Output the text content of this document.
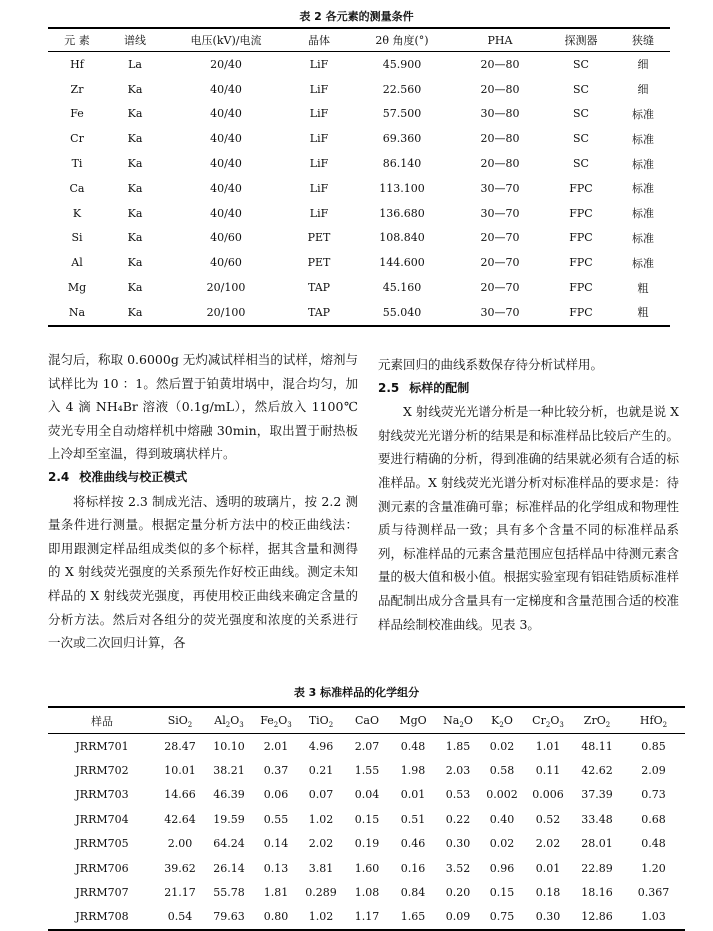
表 2 各元素的测量条件
元 素	谱线	电压(kV)/电流	晶体	2θ 角度(°)	PHA	探测器	狭缝
Hf	La	20/40	LiF	45.900	20—80	SC	细
Zr	Ka	40/40	LiF	22.560	20—80	SC	细
Fe	Ka	40/40	LiF	57.500	30—80	SC	标准
Cr	Ka	40/40	LiF	69.360	20—80	SC	标准
Ti	Ka	40/40	LiF	86.140	20—80	SC	标准
Ca	Ka	40/40	LiF	113.100	30—70	FPC	标准
K	Ka	40/40	LiF	136.680	30—70	FPC	标准
Si	Ka	40/60	PET	108.840	20—70	FPC	标准
Al	Ka	40/60	PET	144.600	20—70	FPC	标准
Mg	Ka	20/100	TAP	45.160	20—70	FPC	粗
Na	Ka	20/100	TAP	55.040	30—70	FPC	粗

混匀后，称取 0.6000g 无灼减试样相当的试样，熔剂与试样比为 10 ：1。然后置于铂黄坩埚中，混合均匀，加入 4 滴 NH₄Br 溶液（0.1g/mL），然后放入 1100℃荧光专用全自动熔样机中熔融 30min，取出置于耐热板上冷却至室温，得到玻璃状样片。

2.4 校准曲线与校正模式

将标样按 2.3 制成光洁、透明的玻璃片，按 2.2 测量条件进行测量。根据定量分析方法中的校正曲线法：即用跟测定样品组成类似的多个标样，据其含量和测得的 X 射线荧光强度的关系预先作好校正曲线。测定未知样品的 X 射线荧光强度，再使用校正曲线来确定含量的分析方法。然后对各组分的荧光强度和浓度的关系进行一次或二次回归计算，各

元素回归的曲线系数保存待分析试样用。

2.5 标样的配制

X 射线荧光光谱分析是一种比较分析，也就是说 X 射线荧光光谱分析的结果是和标准样品比较后产生的。要进行精确的分析，得到准确的结果就必须有合适的标准样品。X 射线荧光光谱分析对标准样品的要求是：待测元素的含量准确可靠；标准样品的化学组成和物理性质与待测样品一致；具有多个含量不同的标准样品系列，标准样品的元素含量范围应包括样品中待测元素含量的极大值和极小值。根据实验室现有铝硅锆质标准样品配制出成分含量具有一定梯度和含量范围合适的校准样品绘制校准曲线。见表 3。

表 3 标准样品的化学组分
样品	SiO$_2$	$Al_2O_3$	$Fe_2O_3$	TiO$_2$	CaO	MgO	$Na_2O$	$K_2O$	$Cr_2O_3$	ZrO$_2$	HfO$_2$
JRRM701	28.47	10.10	2.01	4.96	2.07	0.48	1.85	0.02	1.01	48.11	0.85
JRRM702	10.01	38.21	0.37	0.21	1.55	1.98	2.03	0.58	0.11	42.62	2.09
JRRM703	14.66	46.39	0.06	0.07	0.04	0.01	0.53	0.002	0.006	37.39	0.73
JRRM704	42.64	19.59	0.55	1.02	0.15	0.51	0.22	0.40	0.52	33.48	0.68
JRRM705	2.00	64.24	0.14	2.02	0.19	0.46	0.30	0.02	2.02	28.01	0.48
JRRM706	39.62	26.14	0.13	3.81	1.60	0.16	3.52	0.96	0.01	22.89	1.20
JRRM707	21.17	55.78	1.81	0.289	1.08	0.84	0.20	0.15	0.18	18.16	0.367
JRRM708	0.54	79.63	0.80	1.02	1.17	1.65	0.09	0.75	0.30	12.86	1.03
